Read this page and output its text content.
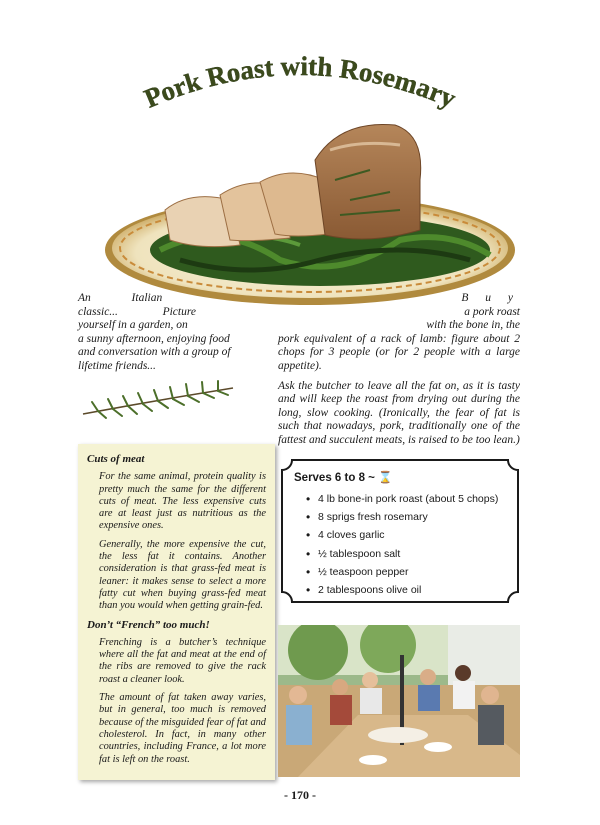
Pork Roast with Rosemary
An	Italian
classic...	Picture
yourself in a garden, on
a sunny afternoon, enjoying food
and conversation with a group of
lifetime friends...
B u y
a pork roast
with the bone in, the

pork equivalent of a rack of lamb: figure about 2 chops for 3 people (or for 2 people with a large appetite).

Ask the butcher to leave all the fat on, as it is tasty and will keep the roast from drying out during the long, slow cooking. (Ironically, the fear of fat is such that nowadays, pork, traditionally one of the fattest and succulent meats, is raised to be too lean.)

Cuts of meat

For the same animal, protein quality is pretty much the same for the different cuts of meat. The less expensive cuts are at least just as nutritious as the expensive ones.

Generally, the more expensive the cut, the less fat it contains. Another consideration is that grass-fed meat is leaner: it makes sense to select a more fatty cut when buying grass-fed meat than you would when getting grain-fed.

Don’t “French” too much!

Frenching is a butcher’s technique where all the fat and meat at the end of the ribs are removed to give the rack roast a cleaner look.

The amount of fat taken away varies, but in general, too much is removed because of the misguided fear of fat and cholesterol. In fact, in many other countries, including France, a lot more fat is left on the roast.

Serves 6 to 8 ~ ⌛
• 4 lb bone-in pork roast (about 5 chops)
• 8 sprigs fresh rosemary
• 4 cloves garlic
• ½ tablespoon salt
• ½ teaspoon pepper
• 2 tablespoons olive oil
- 170 -
